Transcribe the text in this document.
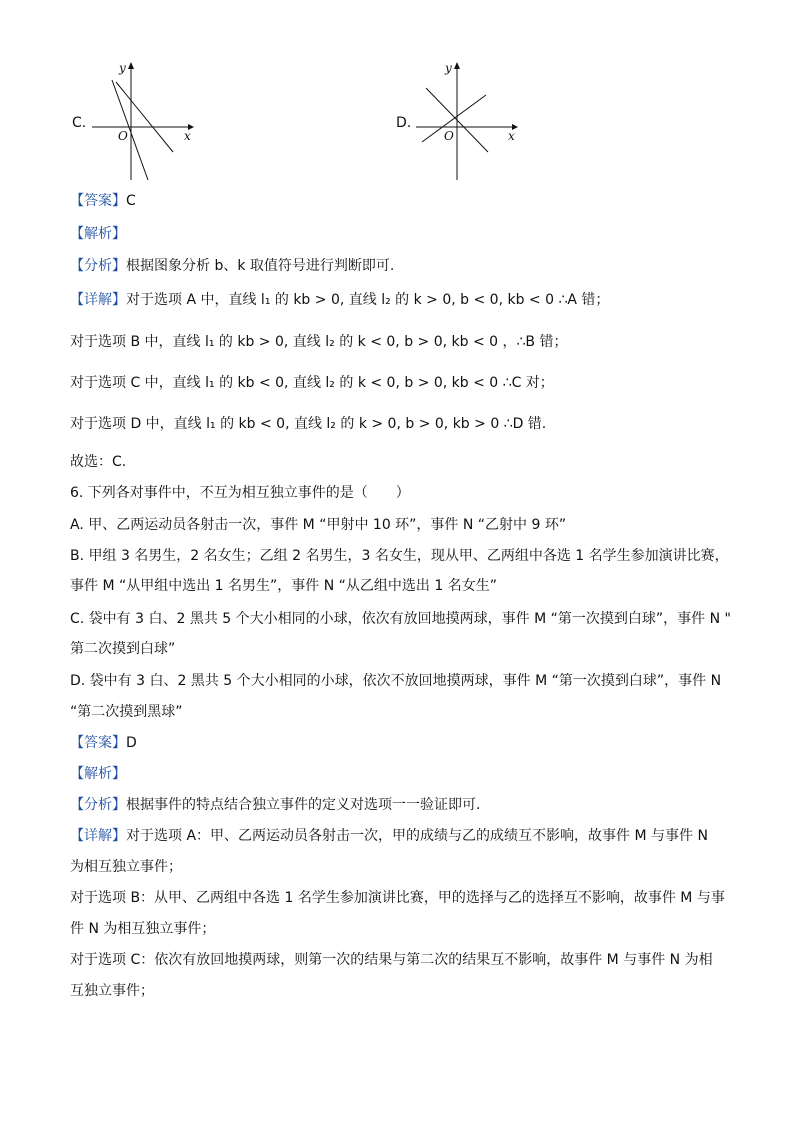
C.
y
x
O
D.
y
x
O
【答案】C
【解析】
【分析】根据图象分析 b、k 取值符号进行判断即可.
【详解】对于选项 A 中，直线 l₁ 的 kb > 0, 直线 l₂ 的 k > 0, b < 0, kb < 0 ∴A 错；
对于选项 B 中，直线 l₁ 的 kb > 0, 直线 l₂ 的 k < 0, b > 0, kb < 0 ，∴B 错；
对于选项 C 中，直线 l₁ 的 kb < 0, 直线 l₂ 的 k < 0, b > 0, kb < 0 ∴C 对；
对于选项 D 中，直线 l₁ 的 kb < 0, 直线 l₂ 的 k > 0, b > 0, kb > 0 ∴D 错.
故选：C.
6. 下列各对事件中，不互为相互独立事件的是（　　）
A. 甲、乙两运动员各射击一次，事件 M “甲射中 10 环”，事件 N “乙射中 9 环”
B. 甲组 3 名男生，2 名女生；乙组 2 名男生，3 名女生，现从甲、乙两组中各选 1 名学生参加演讲比赛，
事件 M “从甲组中选出 1 名男生”，事件 N “从乙组中选出 1 名女生”
C. 袋中有 3 白、2 黑共 5 个大小相同的小球，依次有放回地摸两球，事件 M “第一次摸到白球”，事件 N "
第二次摸到白球”
D. 袋中有 3 白、2 黑共 5 个大小相同的小球，依次不放回地摸两球，事件 M “第一次摸到白球”，事件 N
“第二次摸到黑球”
【答案】D
【解析】
【分析】根据事件的特点结合独立事件的定义对选项一一验证即可.
【详解】对于选项 A：甲、乙两运动员各射击一次，甲的成绩与乙的成绩互不影响，故事件 M 与事件 N
为相互独立事件；
对于选项 B：从甲、乙两组中各选 1 名学生参加演讲比赛，甲的选择与乙的选择互不影响，故事件 M 与事
件 N 为相互独立事件；
对于选项 C：依次有放回地摸两球，则第一次的结果与第二次的结果互不影响，故事件 M 与事件 N 为相
互独立事件；
